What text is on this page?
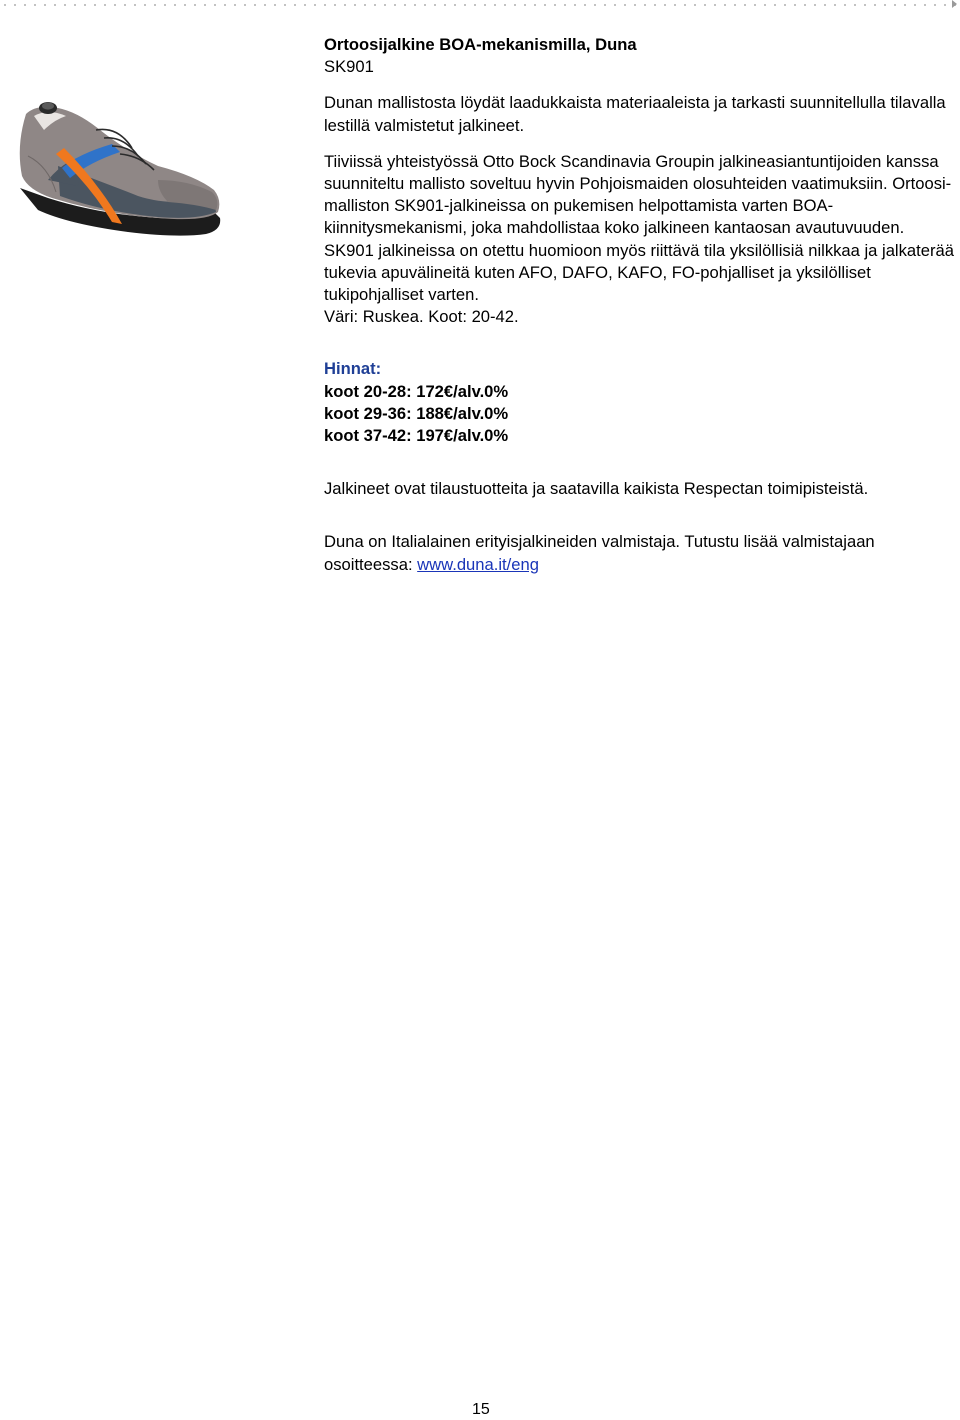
Ortoosijalkine BOA-mekanismilla, Duna

SK901

Dunan mallistosta löydät laadukkaista materiaaleista ja tarkasti suunnitellulla tilavalla lestillä valmistetut jalkineet.

Tiiviissä yhteistyössä Otto Bock Scandinavia Groupin jalkineasiantuntijoiden kanssa suunniteltu mallisto soveltuu hyvin Pohjoismaiden olosuhteiden vaatimuksiin. Ortoosi-malliston SK901-jalkineissa on pukemisen helpottamista varten BOA-kiinnitysmekanismi, joka mahdollistaa koko jalkineen kantaosan avautuvuuden. SK901 jalkineissa on otettu huomioon myös riittävä tila yksilöllisiä nilkkaa ja jalkaterää tukevia apuvälineitä kuten AFO, DAFO, KAFO, FO-pohjalliset ja yksilölliset tukipohjalliset varten.
Väri: Ruskea. Koot: 20-42.

Hinnat:

koot 20-28: 172€/alv.0%

koot 29-36: 188€/alv.0%

koot 37-42: 197€/alv.0%

Jalkineet ovat tilaustuotteita ja saatavilla kaikista Respectan toimipisteistä.

Duna on Italialainen erityisjalkineiden valmistaja. Tutustu lisää valmistajaan osoitteessa: www.duna.it/eng

15
